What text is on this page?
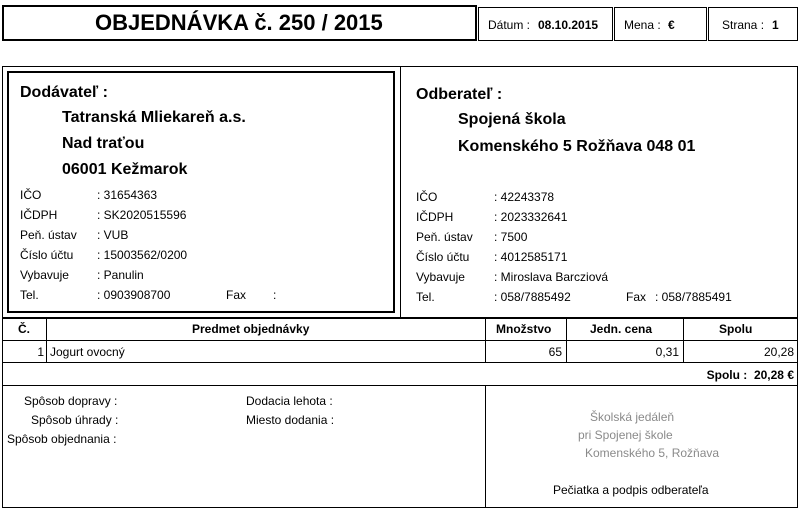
OBJEDNÁVKA č. 250 / 2015	Dátum : 08.10.2015 Mena : €	Strana : 1
Dodávateľ :
Tatranská Mliekareň a.s.
Nad traťou
06001 Kežmarok
IČO	: 31654363
IČDPH	: SK2020515596
Peň. ústav : VUB
Číslo účtu : 15003562/0200
Vybavuje : Panulin
Tel.	: 0903908700	Fax :
Odberateľ :
Spojená škola
Komenského 5 Rožňava 048 01
IČO	: 42243378
IČDPH	: 2023332641
Peň. ústav : 7500
Číslo účtu : 4012585171
Vybavuje : Miroslava Barcziová
Tel.	: 058/7885492	Fax : 058/7885491
Č.	Predmet objednávky	Množstvo	Jedn. cena	Spolu
1 Jogurt ovocný	65	0,31	20,28
Spolu :  20,28 €
Spôsob dopravy :
Spôsob úhrady :
Spôsob objednania :
Dodacia lehota :
Miesto dodania :	Školská jedáleň
pri Spojenej škole
Komenského 5, Rožňava
Pečiatka a podpis odberateľa
